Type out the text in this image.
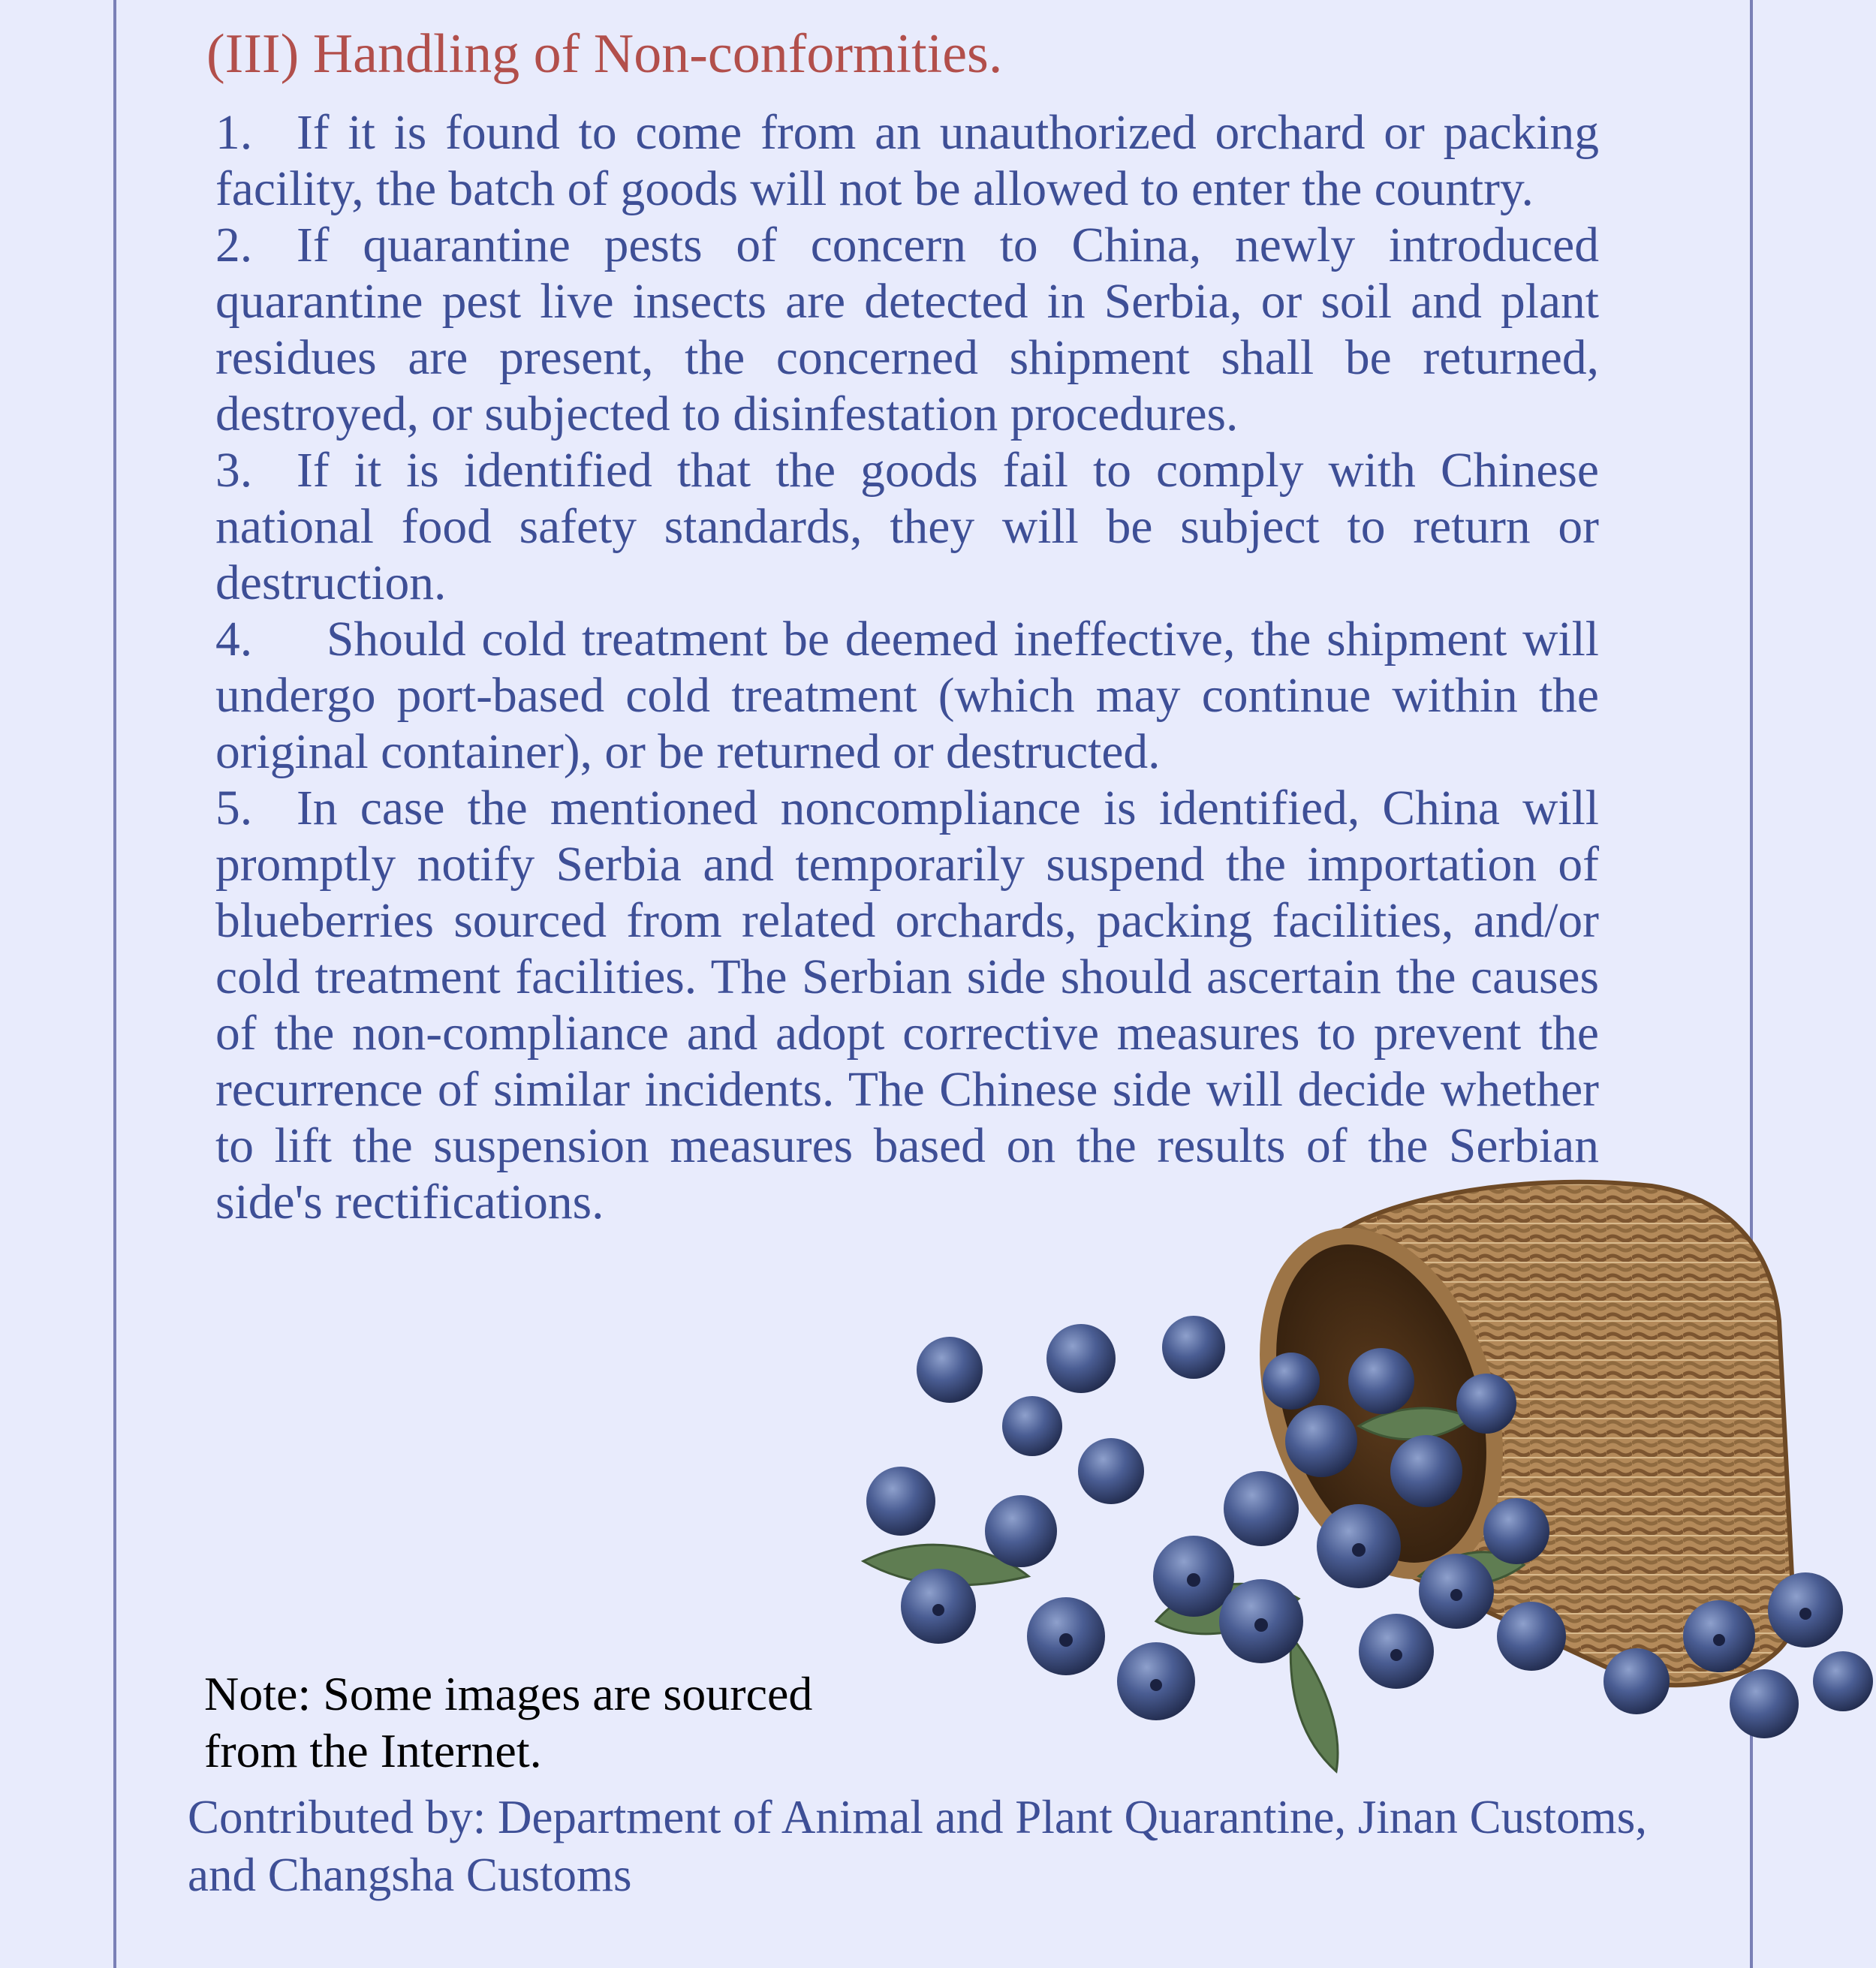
(III) Handling of Non-conformities.

1. If it is found to come from an unauthorized orchard or packing facility, the batch of goods will not be allowed to enter the country.

2. If quarantine pests of concern to China, newly introduced quarantine pest live insects are detected in Serbia, or soil and plant residues are present, the concerned shipment shall be returned, destroyed, or subjected to disinfestation procedures.

3. If it is identified that the goods fail to comply with Chinese national food safety standards, they will be subject to return or destruction.

4. Should cold treatment be deemed ineffective, the shipment will undergo port-based cold treatment (which may continue within the original container), or be returned or destructed.

5. In case the mentioned noncompliance is identified, China will promptly notify Serbia and temporarily suspend the importation of blueberries sourced from related orchards, packing facilities, and/or cold treatment facilities. The Serbian side should ascertain the causes of the non-compliance and adopt corrective measures to prevent the recurrence of similar incidents. The Chinese side will decide whether to lift the suspension measures based on the results of the Serbian side's rectifications.

Note: Some images are sourced from the Internet.

Contributed by: Department of Animal and Plant Quarantine, Jinan Customs, and Changsha Customs
